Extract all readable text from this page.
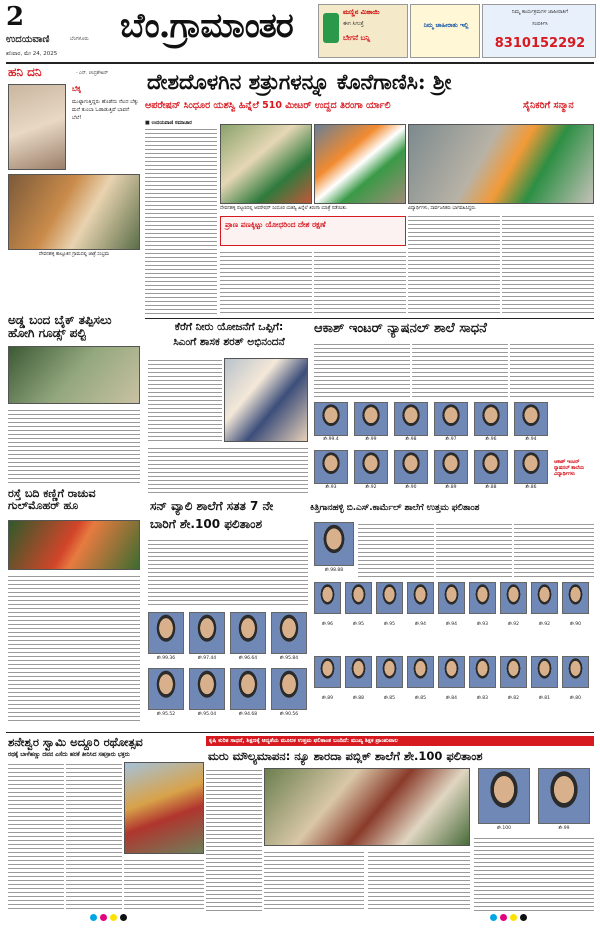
2
ಉದಯವಾಣಿ	ಬೆಂಗಳೂರು
ಶನಿವಾರ, ಮೇ 24, 2025
ಬೆಂ.ಗ್ರಾಮಾಂತರ	ಮಣ್ಣಿನ ಮಿಠಾಯಿ
ಈಗ ಸಿಗುತ್ತೆ
ಬೇಗನೆ ಬನ್ನಿ
ನಿಮ್ಮ ಜಾಹೀರಾತು ಇಲ್ಲಿ
ನಿಮ್ಮ ಕಾರ್ಯಕ್ರಮಗಳ ಜಾಹೀರಾತಿಗೆ
ಸಂಪರ್ಕಿಸಿ
8310152292
ಹನಿ ದನಿ	- ಎನ್. ಚಂದ್ರಶೇಖರ್
ಬೆಕ್ಕ
ಮುಟ್ಟಾಗುತ್ತಿದ್ದರು ಹೊಡೆದು ನೆಲದ ಬೆಕ್ಕು ಮನೆ ತುಂಬಾ ಓಡಾಡುತ್ತಿವೆ ಭಾವನೆ ಬೆಲೆ!
ದೇವನಹಳ್ಳಿ ತಾಲ್ಲೂಕಿನ ಗ್ರಾಮದಲ್ಲಿ ಜಾತ್ರೆ ಸಂಭ್ರಮ
ಅಡ್ಡ ಬಂದ ಬೈಕ್ ತಪ್ಪಿಸಲು ಹೋಗಿ ಗೂಡ್ಸ್ ಪಲ್ಟಿ
ರಸ್ತೆ ಬದಿ ಕಣ್ಣಿಗೆ ರಾಚುವ ಗುಲ್‌ಮೊಹರ್ ಹೂ
ದೇಶದೊಳಗಿನ ಶತ್ರುಗಳನ್ನೂ ಕೊನೆಗಾಣಿಸಿ: ಶ್ರೀ
ಆಪರೇಷನ್ ಸಿಂಧೂರ ಯಶಸ್ವಿ ಹಿನ್ನೆಲೆ 510 ಮೀಟರ್ ಉದ್ದದ ತಿರಂಗಾ ರ್ಯಾಲಿ	ಸೈನಿಕರಿಗೆ ಸನ್ಮಾನ
■ ಉದಯವಾಣಿ ಸಮಾಚಾರ
ದೇವನಹಳ್ಳಿ ಪಟ್ಟಣದಲ್ಲಿ ಆಪರೇಷನ್ ಸಿಂಧೂರ ಯಶಸ್ವಿ ಹಿನ್ನೆಲೆ ತಿರಂಗಾ ಯಾತ್ರೆ ನಡೆಯಿತು.	ವಿದ್ಯಾರ್ಥಿಗಳು, ಸಾರ್ವಜನಿಕರು ಭಾಗವಹಿಸಿದ್ದರು.
ಪ್ರಾಣ ಪಣಕ್ಕಿಟ್ಟು ಯೋಧರಿಂದ ದೇಶ ರಕ್ಷಣೆ
ಕೆರೆಗೆ ನೀರು ಯೋಜನೆಗೆ ಒಪ್ಪಿಗೆ:
ಸಿಎಂಗೆ ಶಾಸಕ ಶರತ್ ಅಭಿನಂದನೆ
ಆಕಾಶ್ ಇಂಟರ್ ನ್ಯಾಷನಲ್ ಶಾಲೆ ಸಾಧನೆ
ಶೇ.99.4	ಶೇ.99	ಶೇ.98	ಶೇ.97	ಶೇ.96	ಶೇ.94
ಶೇ.93	ಶೇ.92	ಶೇ.90	ಶೇ.89	ಶೇ.88	ಶೇ.86
ಆಕಾಶ್ ಇಂಟರ್ ನ್ಯಾಷನಲ್ ಶಾಲೆಯ ವಿದ್ಯಾರ್ಥಿಗಳು
ಸನ್ ವ್ಯಾಲಿ ಶಾಲೆಗೆ ಸತತ 7 ನೇ
ಬಾರಿಗೆ ಶೇ.100 ಫಲಿತಾಂಶ
ಶೇ.99.36	ಶೇ.97.44	ಶೇ.96.64	ಶೇ.95.84
ಶೇ.95.52	ಶೇ.95.04	ಶೇ.94.68	ಶೇ.90.56
ಕಿತ್ತಿಗಾನಹಳ್ಳಿ ಬಿ.ಎಸ್.ಕಾರ್ಮೆಲ್ ಶಾಲೆಗೆ ಉತ್ತಮ ಫಲಿತಾಂಶ
ಶೇ.98.88
ಶೇ.96	ಶೇ.95	ಶೇ.95	ಶೇ.94	ಶೇ.94	ಶೇ.93	ಶೇ.92	ಶೇ.92	ಶೇ.90
ಶೇ.89	ಶೇ.88	ಶೇ.85	ಶೇ.85	ಶೇ.84	ಶೇ.83	ಶೇ.82	ಶೇ.81	ಶೇ.80
ಶನೇಶ್ವರ ಸ್ವಾಮಿ ಅದ್ದೂರಿ ರಥೋತ್ಸವ
ರಥಕ್ಕೆ ಬಾಳೆಹಣ್ಣು ದವನ ಎಸೆದು ಹರಕೆ ತೀರಿಸಿದ ಸಹಸ್ರಾರು ಭಕ್ತರು
ಕೃಷಿ ಕುರಿತ ಸಾಧನೆ, ಶಿಕ್ಷಣಕ್ಕೆ ಆದ್ಯತೆಯ ಮೂಲಕ ಉತ್ತಮ ಫಲಿತಾಂಶ ಬಂದಿದೆ: ಮುಖ್ಯ ಶಿಕ್ಷಕ ಪ್ರಾಂಶುಪಾಲ
ಮರು ಮೌಲ್ಯಮಾಪನ: ನ್ಯೂ ಶಾರದಾ ಪಬ್ಲಿಕ್ ಶಾಲೆಗೆ ಶೇ.100 ಫಲಿತಾಂಶ
ಶೇ.100	ಶೇ.99
